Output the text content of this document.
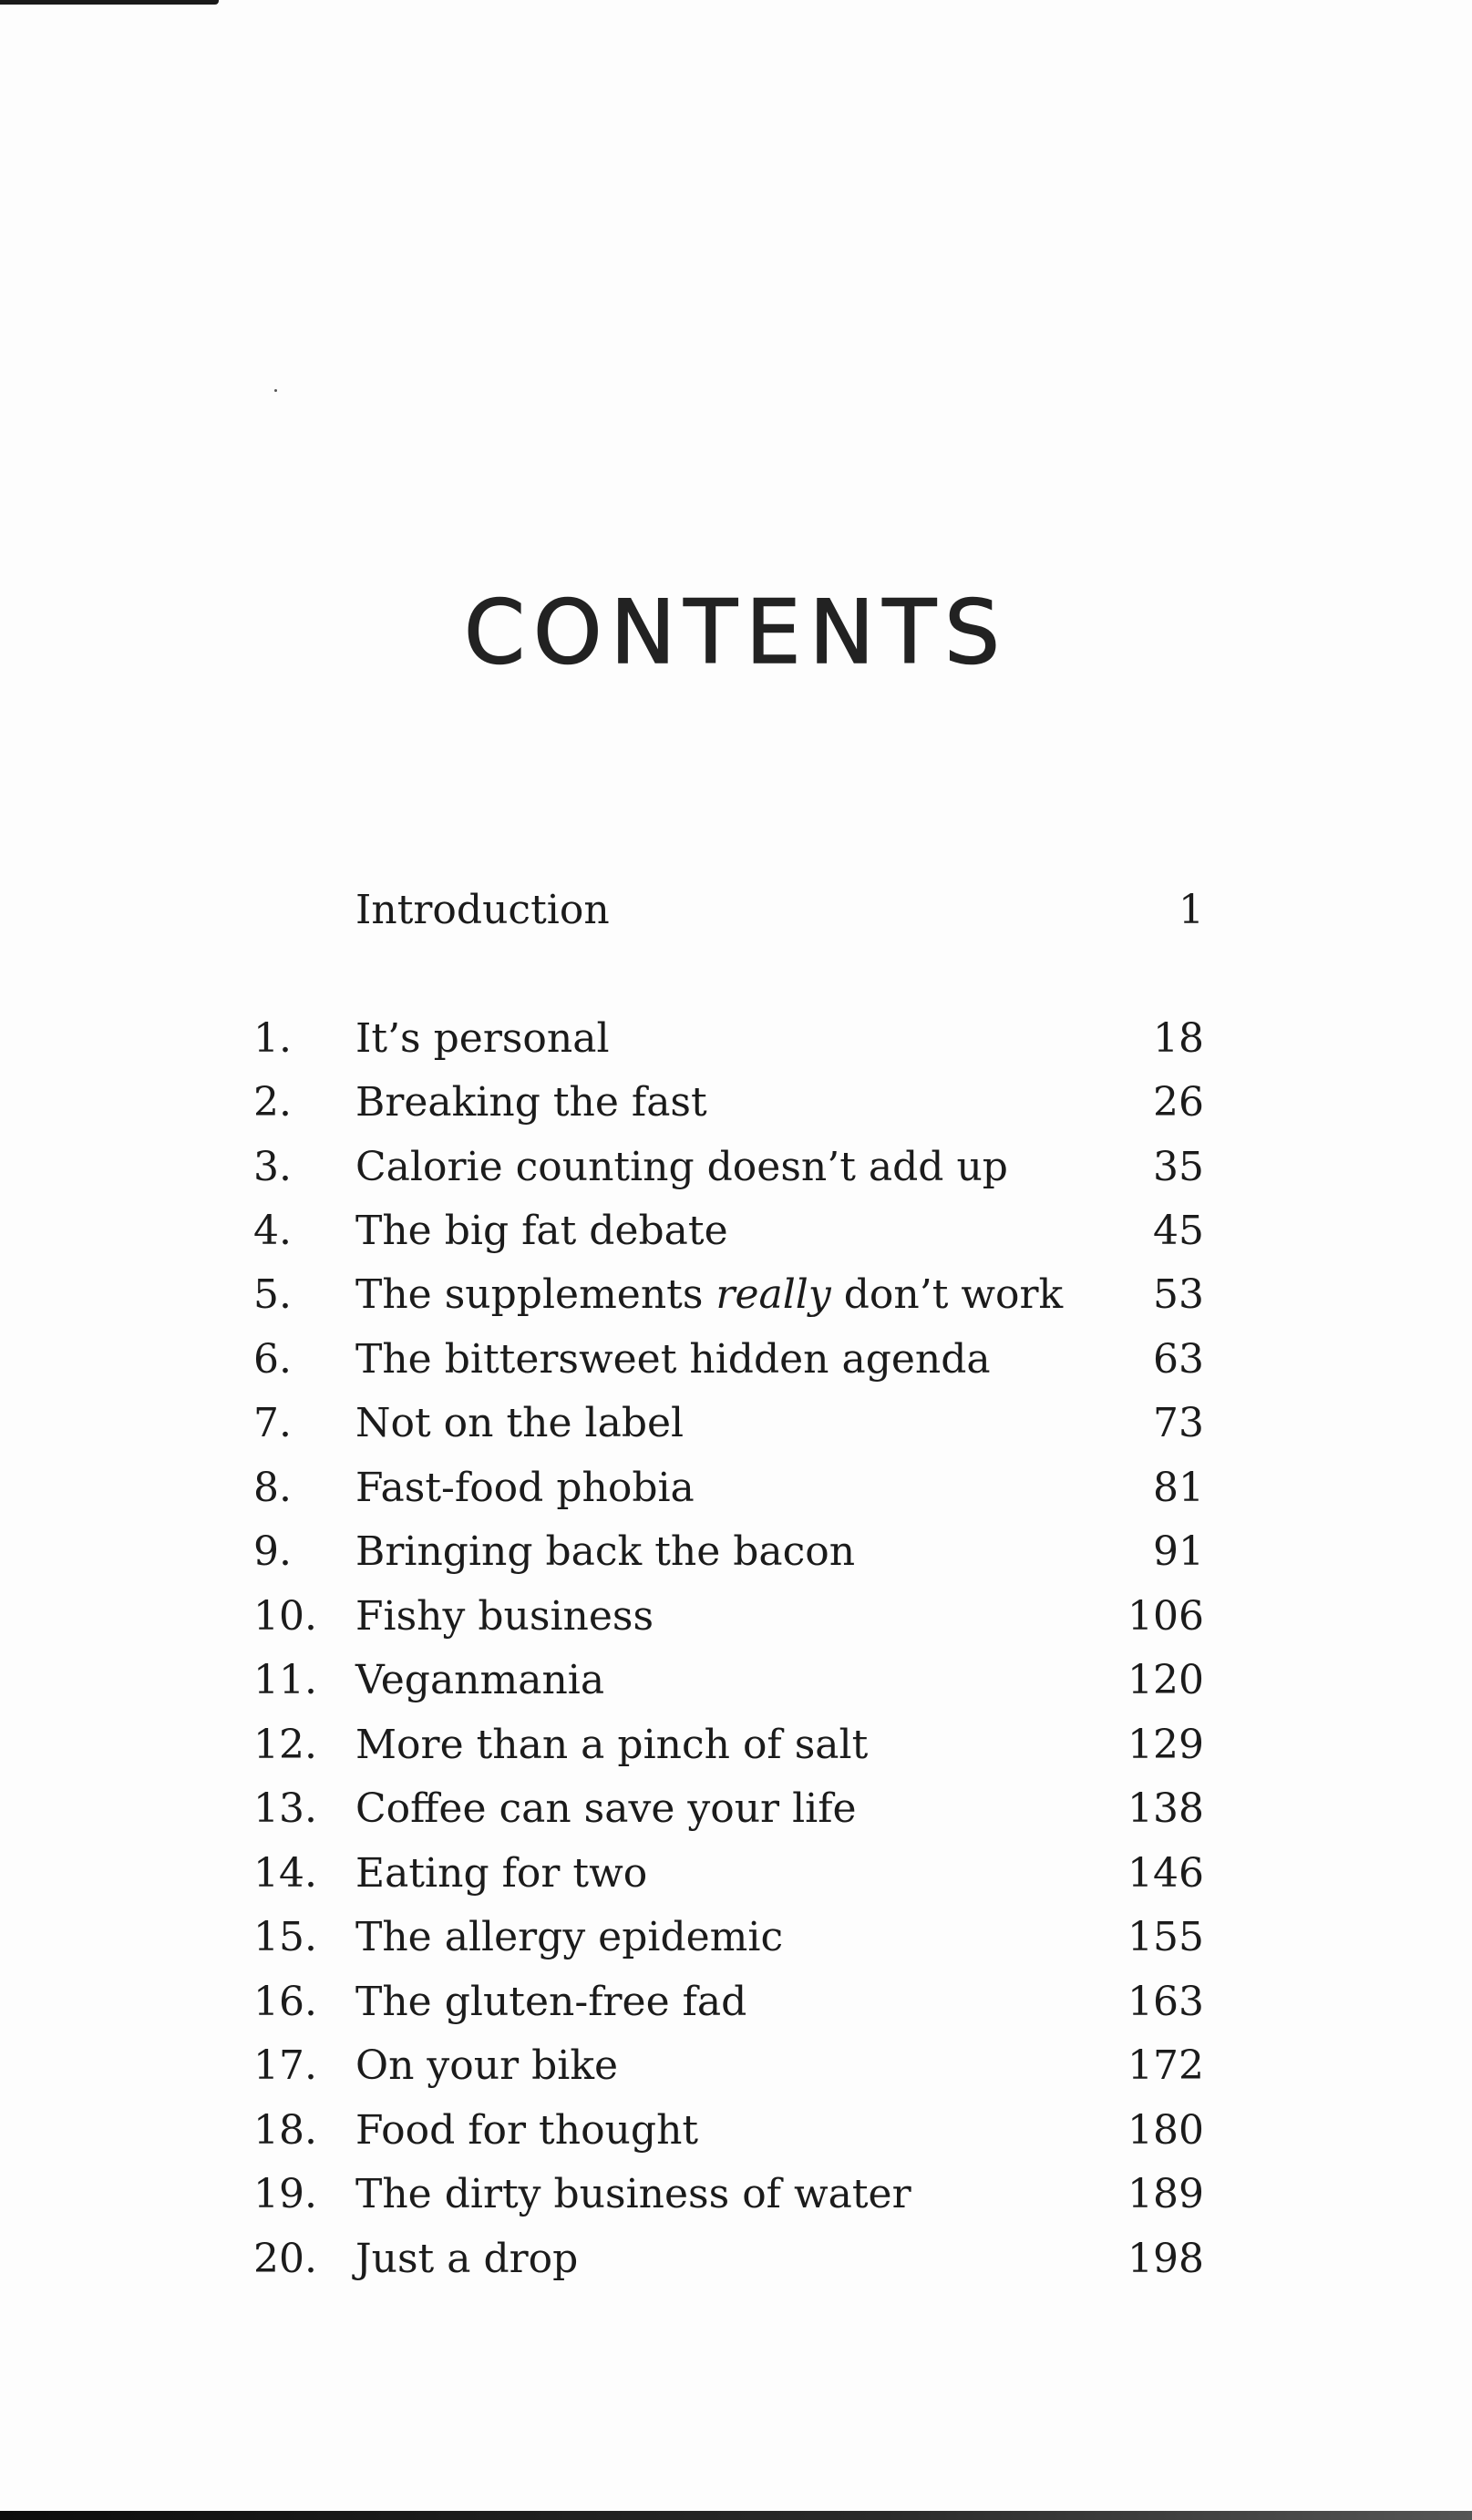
CONTENTS
Introduction	1
1. It’s personal	18
2. Breaking the fast	26
3. Calorie counting doesn’t add up	35
4. The big fat debate	45
5. The supplements really don’t work 53
6. The bittersweet hidden agenda	63
7. Not on the label	73
8. Fast-food phobia	81
9. Bringing back the bacon	91
10. Fishy business	106
11. Veganmania	120
12. More than a pinch of salt	129
13. Coffee can save your life	138
14. Eating for two	146
15. The allergy epidemic	155
16. The gluten-free fad	163
17. On your bike	172
18. Food for thought	180
19. The dirty business of water	189
20. Just a drop	198
